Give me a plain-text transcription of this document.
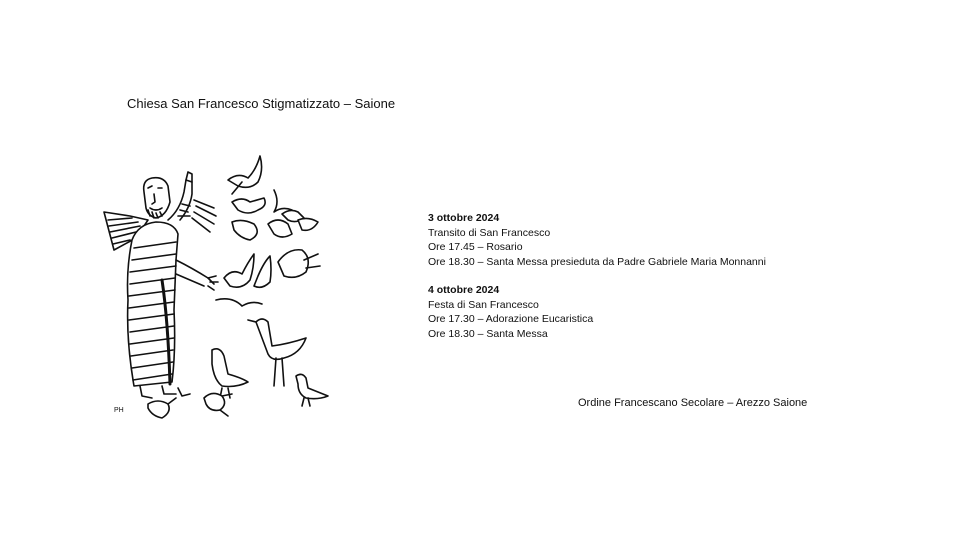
Chiesa San Francesco Stigmatizzato – Saione
PH
3 ottobre 2024
Transito di San Francesco
Ore 17.45 – Rosario
Ore 18.30 – Santa Messa presieduta da Padre Gabriele Maria Monnanni
4 ottobre 2024
Festa di San Francesco
Ore 17.30 – Adorazione Eucaristica
Ore 18.30 – Santa Messa
Ordine Francescano Secolare – Arezzo Saione
